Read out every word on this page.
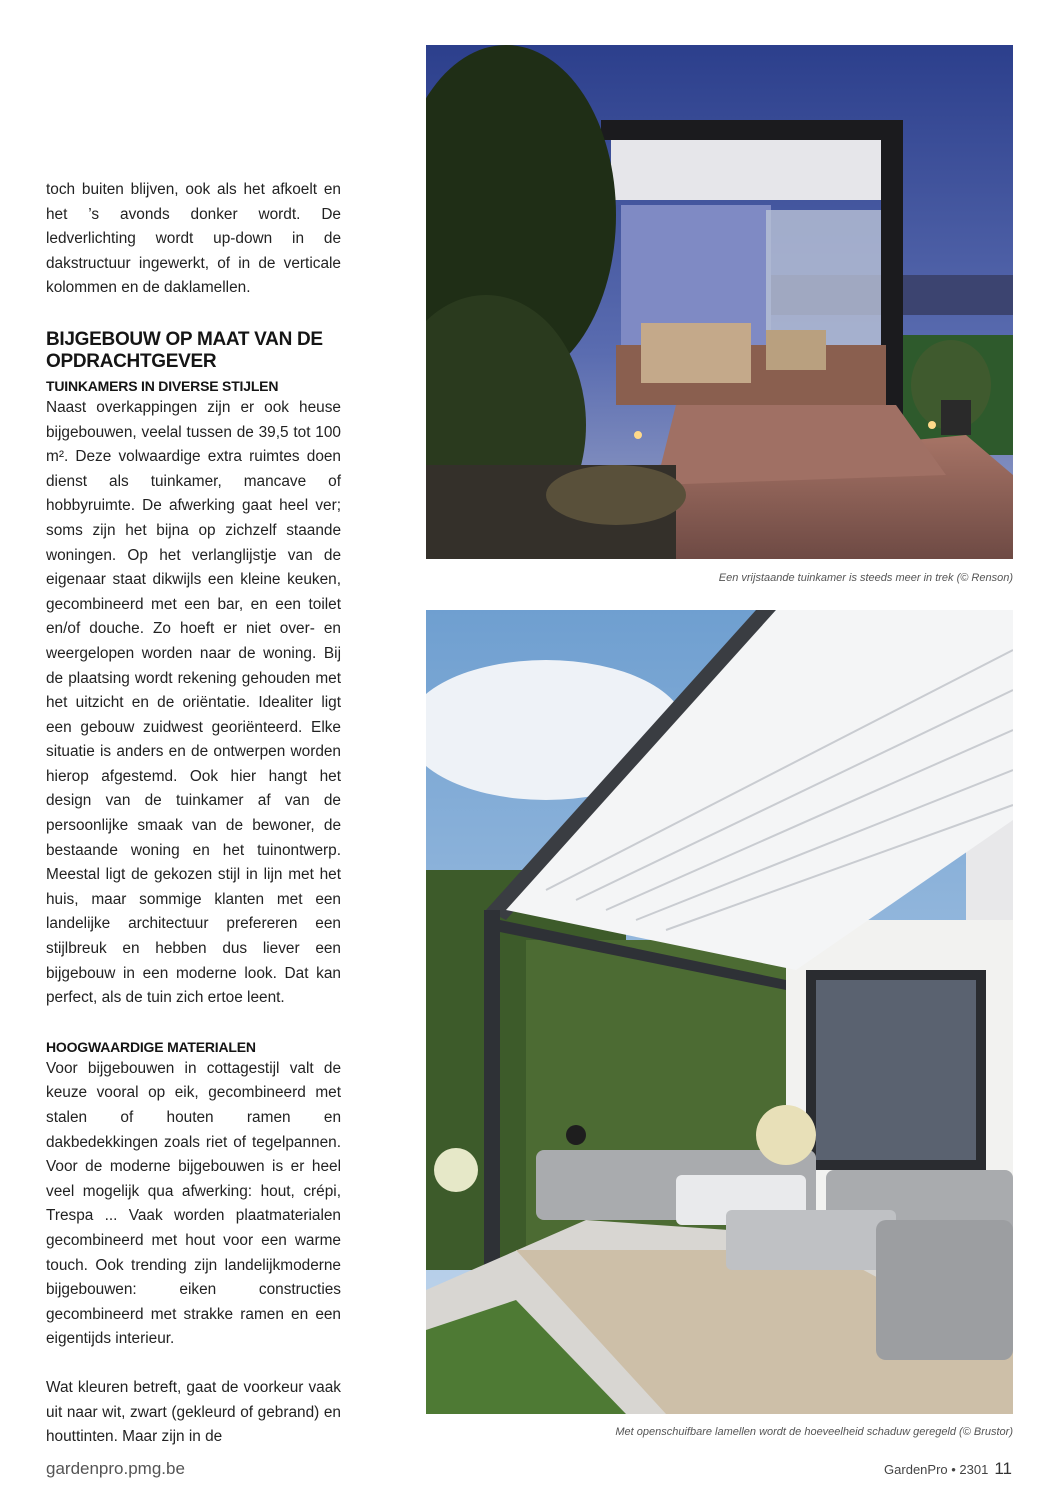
toch buiten blijven, ook als het afkoelt en het ’s avonds donker wordt. De ledverlichting wordt up-down in de dakstructuur ingewerkt, of in de verticale kolommen en de daklamellen.

BIJGEBOUW OP MAAT VAN DE OPDRACHTGEVER
TUINKAMERS IN DIVERSE STIJLEN

Naast overkappingen zijn er ook heuse bijgebouwen, veelal tussen de 39,5 tot 100 m². Deze volwaardige extra ruimtes doen dienst als tuinkamer, mancave of hobbyruimte. De afwerking gaat heel ver; soms zijn het bijna op zichzelf staande woningen. Op het verlanglijstje van de eigenaar staat dikwijls een kleine keuken, gecombineerd met een bar, en een toilet en/of douche. Zo hoeft er niet over- en weergelopen worden naar de woning. Bij de plaatsing wordt rekening gehouden met het uitzicht en de oriëntatie. Idealiter ligt een gebouw zuidwest georiënteerd. Elke situatie is anders en de ontwerpen worden hierop afgestemd. Ook hier hangt het design van de tuinkamer af van de persoonlijke smaak van de bewoner, de bestaande woning en het tuinontwerp. Meestal ligt de gekozen stijl in lijn met het huis, maar sommige klanten met een landelijke architectuur prefereren een stijlbreuk en hebben dus liever een bijgebouw in een moderne look. Dat kan perfect, als de tuin zich ertoe leent.

HOOGWAARDIGE MATERIALEN

Voor bijgebouwen in cottagestijl valt de keuze vooral op eik, gecombineerd met stalen of houten ramen en dakbedekkingen zoals riet of tegelpannen. Voor de moderne bijgebouwen is er heel veel mogelijk qua afwerking: hout, crépi, Trespa ... Vaak worden plaatmaterialen gecombineerd met hout voor een warme touch. Ook trending zijn landelijkmoderne bijgebouwen: eiken constructies gecombineerd met strakke ramen en een eigentijds interieur.

Wat kleuren betreft, gaat de voorkeur vaak uit naar wit, zwart (gekleurd of gebrand) en houttinten. Maar zijn in de

Een vrijstaande tuinkamer is steeds meer in trek (© Renson)

Met openschuifbare lamellen wordt de hoeveelheid schaduw geregeld (© Brustor)

gardenpro.pmg.be	GardenPro • 2301 11
